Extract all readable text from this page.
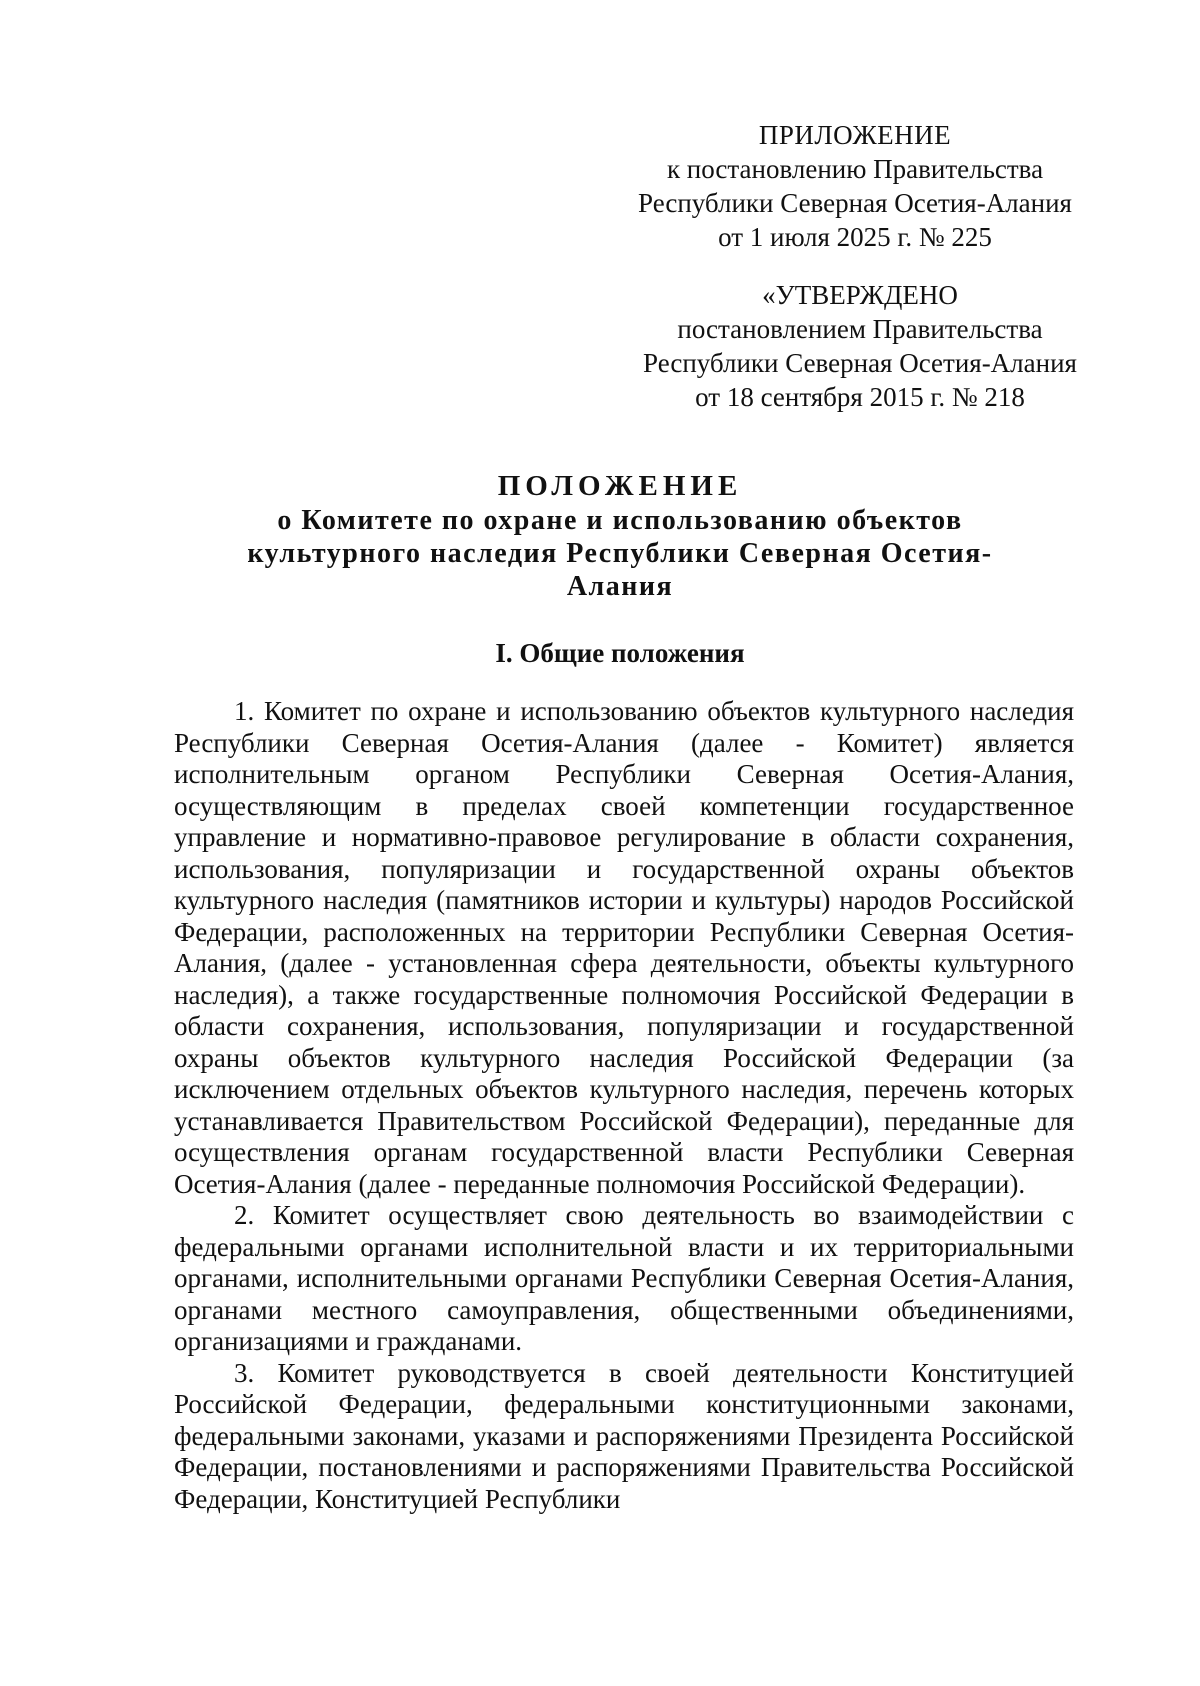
ПРИЛОЖЕНИЕ
к постановлению Правительства
Республики Северная Осетия-Алания
от 1 июля 2025 г. № 225
«УТВЕРЖДЕНО
постановлением Правительства
Республики Северная Осетия-Алания
от 18 сентября 2015 г. № 218
ПОЛОЖЕНИЕ
о Комитете по охране и использованию объектов
культурного наследия Республики Северная Осетия-
Алания
I. Общие положения

1. Комитет по охране и использованию объектов культурного наследия Республики Северная Осетия-Алания (далее - Комитет) является исполнительным органом Республики Северная Осетия-Алания, осуществляющим в пределах своей компетенции государственное управление и нормативно-правовое регулирование в области сохранения, использования, популяризации и государственной охраны объектов культурного наследия (памятников истории и культуры) народов Российской Федерации, расположенных на территории Республики Северная Осетия-Алания, (далее - установленная сфера деятельности, объекты культурного наследия), а также государственные полномочия Российской Федерации в области сохранения, использования, популяризации и государственной охраны объектов культурного наследия Российской Федерации (за исключением отдельных объектов культурного наследия, перечень которых устанавливается Правительством Российской Федерации), переданные для осуществления органам государственной власти Республики Северная Осетия-Алания (далее - переданные полномочия Российской Федерации).

2. Комитет осуществляет свою деятельность во взаимодействии с федеральными органами исполнительной власти и их территориальными органами, исполнительными органами Республики Северная Осетия-Алания, органами местного самоуправления, общественными объединениями, организациями и гражданами.

3. Комитет руководствуется в своей деятельности Конституцией Российской Федерации, федеральными конституционными законами, федеральными законами, указами и распоряжениями Президента Российской Федерации, постановлениями и распоряжениями Правительства Российской Федерации, Конституцией Республики
